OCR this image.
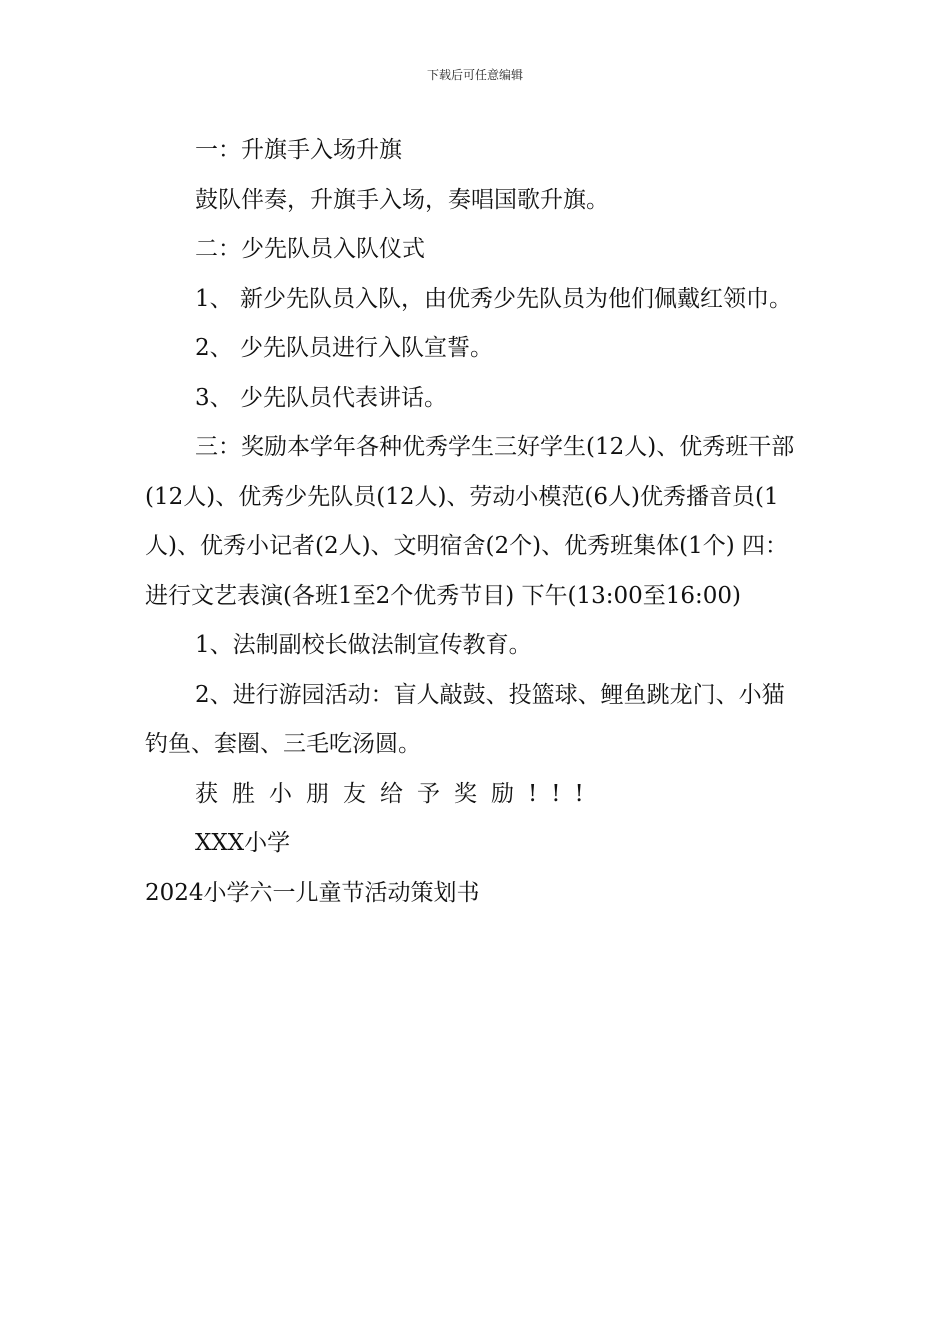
下载后可任意编辑

一：升旗手入场升旗

鼓队伴奏，升旗手入场，奏唱国歌升旗。

二：少先队员入队仪式

1、 新少先队员入队，由优秀少先队员为他们佩戴红领巾。

2、 少先队员进行入队宣誓。

3、 少先队员代表讲话。

三：奖励本学年各种优秀学生三好学生(12人)、优秀班干部(12人)、优秀少先队员(12人)、劳动小模范(6人)优秀播音员(1人)、优秀小记者(2人)、文明宿舍(2个)、优秀班集体(1个) 四：进行文艺表演(各班1至2个优秀节目) 下午(13:00至16:00)

1、法制副校长做法制宣传教育。

2、进行游园活动：盲人敲鼓、投篮球、鲤鱼跳龙门、小猫 钓鱼、套圈、三毛吃汤圆。

获胜小朋友给予奖励!!!

XXX小学

2024小学六一儿童节活动策划书
